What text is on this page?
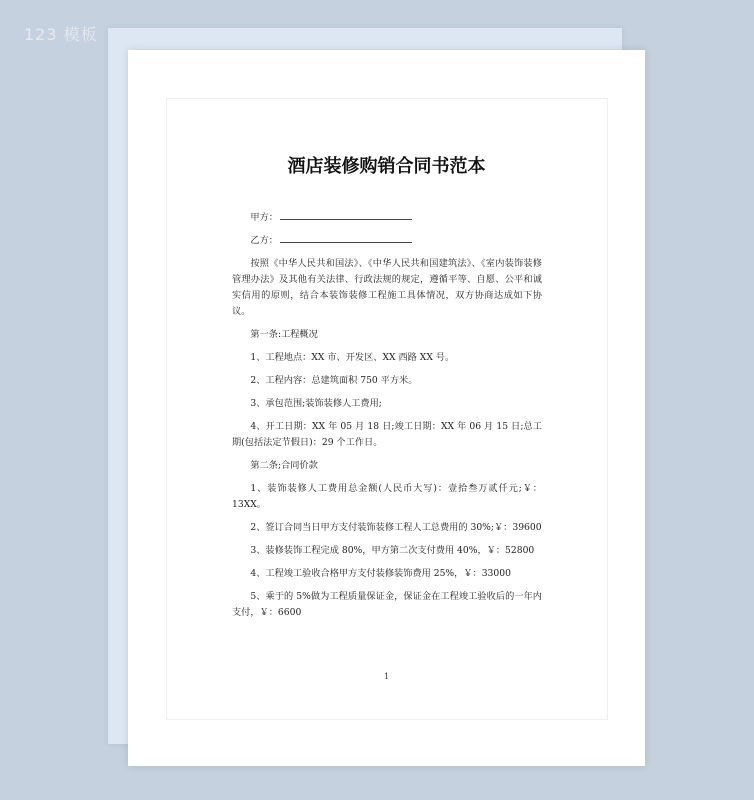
123 模板
酒店装修购销合同书范本

甲方：

乙方：

按照《中华人民共和国法》、《中华人民共和国建筑法》、《室内装饰装修管理办法》及其他有关法律、行政法规的规定，遵循平等、自愿、公平和诚实信用的原则，结合本装饰装修工程施工具体情况，双方协商达成如下协议。

第一条:工程概况

1、工程地点：XX 市、开发区、XX 西路 XX 号。

2、工程内容：总建筑面积 750 平方米。

3、承包范围;装饰装修人工费用;

4、开工日期：XX 年 05 月 18 日;竣工日期：XX 年 06 月 15 日;总工期(包括法定节假日)：29 个工作日。

第二条;合同价款

1、装饰装修人工费用总金额(人民币大写)：壹拾叁万贰仟元;￥：13XX。

2、签订合同当日甲方支付装饰装修工程人工总费用的 30%;￥：39600

3、装修装饰工程完成 80%，甲方第二次支付费用 40%，￥：52800

4、工程竣工验收合格甲方支付装修装饰费用 25%，￥：33000

5、乘于的 5%做为工程质量保证金，保证金在工程竣工验收后的一年内支付，￥：6600

1
